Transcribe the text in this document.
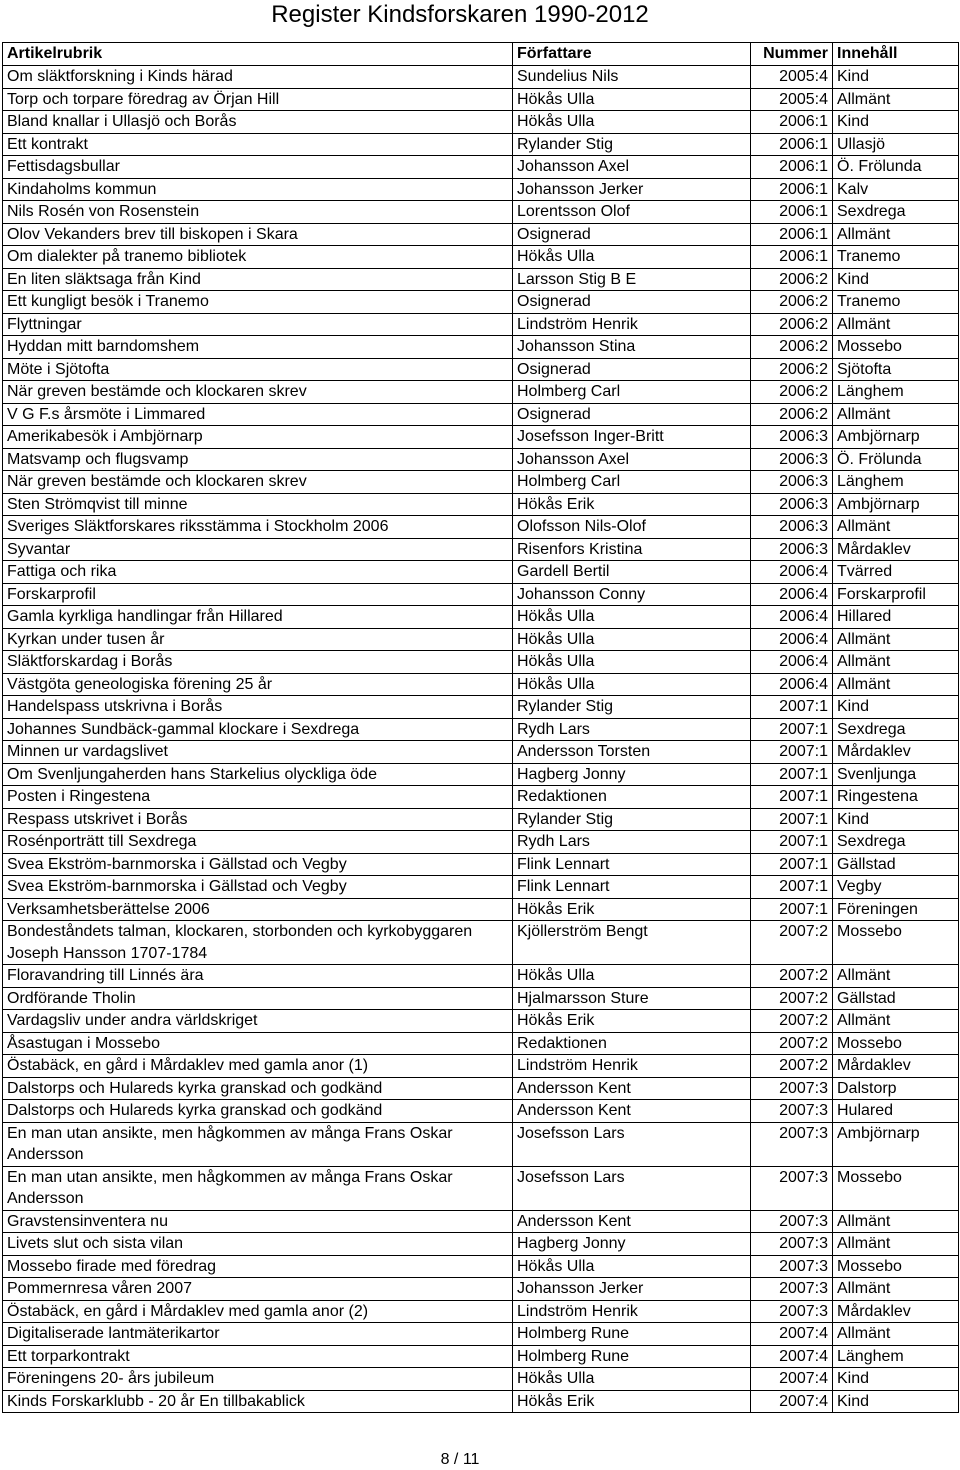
Register Kindsforskaren 1990-2012
Artikelrubrik	Författare	Nummer	Innehåll
Om släktforskning i Kinds härad	Sundelius Nils	2005:4	Kind
Torp och torpare föredrag av Örjan Hill	Hökås Ulla	2005:4	Allmänt
Bland knallar i Ullasjö och Borås	Hökås Ulla	2006:1	Kind
Ett kontrakt	Rylander Stig	2006:1	Ullasjö
Fettisdagsbullar	Johansson Axel	2006:1	Ö. Frölunda
Kindaholms kommun	Johansson Jerker	2006:1	Kalv
Nils Rosén von Rosenstein	Lorentsson Olof	2006:1	Sexdrega
Olov Vekanders brev till biskopen i Skara	Osignerad	2006:1	Allmänt
Om dialekter på tranemo bibliotek	Hökås Ulla	2006:1	Tranemo
En liten släktsaga från Kind	Larsson Stig B E	2006:2	Kind
Ett kungligt besök i Tranemo	Osignerad	2006:2	Tranemo
Flyttningar	Lindström Henrik	2006:2	Allmänt
Hyddan mitt barndomshem	Johansson Stina	2006:2	Mossebo
Möte i Sjötofta	Osignerad	2006:2	Sjötofta
När greven bestämde och klockaren skrev	Holmberg Carl	2006:2	Länghem
V G F.s årsmöte i Limmared	Osignerad	2006:2	Allmänt
Amerikabesök i Ambjörnarp	Josefsson Inger-Britt	2006:3	Ambjörnarp
Matsvamp och flugsvamp	Johansson Axel	2006:3	Ö. Frölunda
När greven bestämde och klockaren skrev	Holmberg Carl	2006:3	Länghem
Sten Strömqvist till minne	Hökås Erik	2006:3	Ambjörnarp
Sveriges Släktforskares riksstämma i Stockholm 2006	Olofsson Nils-Olof	2006:3	Allmänt
Syvantar	Risenfors Kristina	2006:3	Mårdaklev
Fattiga och rika	Gardell Bertil	2006:4	Tvärred
Forskarprofil	Johansson Conny	2006:4	Forskarprofil
Gamla kyrkliga handlingar från Hillared	Hökås Ulla	2006:4	Hillared
Kyrkan under tusen år	Hökås Ulla	2006:4	Allmänt
Släktforskardag i Borås	Hökås Ulla	2006:4	Allmänt
Västgöta geneologiska förening 25 år	Hökås Ulla	2006:4	Allmänt
Handelspass utskrivna i Borås	Rylander Stig	2007:1	Kind
Johannes Sundbäck-gammal klockare i Sexdrega	Rydh Lars	2007:1	Sexdrega
Minnen ur vardagslivet	Andersson Torsten	2007:1	Mårdaklev
Om Svenljungaherden hans Starkelius olyckliga öde	Hagberg Jonny	2007:1	Svenljunga
Posten i Ringestena	Redaktionen	2007:1	Ringestena
Respass utskrivet i Borås	Rylander Stig	2007:1	Kind
Rosénporträtt till Sexdrega	Rydh Lars	2007:1	Sexdrega
Svea Ekström-barnmorska i Gällstad och Vegby	Flink Lennart	2007:1	Gällstad
Svea Ekström-barnmorska i Gällstad och Vegby	Flink Lennart	2007:1	Vegby
Verksamhetsberättelse 2006	Hökås Erik	2007:1	Föreningen
Bondeståndets talman, klockaren, storbonden och kyrkobyggaren Joseph Hansson 1707-1784	Kjöllerström Bengt	2007:2	Mossebo
Floravandring till Linnés ära	Hökås Ulla	2007:2	Allmänt
Ordförande Tholin	Hjalmarsson Sture	2007:2	Gällstad
Vardagsliv under andra världskriget	Hökås Erik	2007:2	Allmänt
Åsastugan i Mossebo	Redaktionen	2007:2	Mossebo
Östabäck, en gård i Mårdaklev med gamla anor (1)	Lindström Henrik	2007:2	Mårdaklev
Dalstorps och Hulareds kyrka granskad och godkänd	Andersson Kent	2007:3	Dalstorp
Dalstorps och Hulareds kyrka granskad och godkänd	Andersson Kent	2007:3	Hulared
En man utan ansikte, men hågkommen av många Frans Oskar Andersson	Josefsson Lars	2007:3	Ambjörnarp
En man utan ansikte, men hågkommen av många Frans Oskar Andersson	Josefsson Lars	2007:3	Mossebo
Gravstensinventera nu	Andersson Kent	2007:3	Allmänt
Livets slut och sista vilan	Hagberg Jonny	2007:3	Allmänt
Mossebo firade med föredrag	Hökås Ulla	2007:3	Mossebo
Pommernresa våren 2007	Johansson Jerker	2007:3	Allmänt
Östabäck, en gård i Mårdaklev med gamla anor (2)	Lindström Henrik	2007:3	Mårdaklev
Digitaliserade lantmäterikartor	Holmberg Rune	2007:4	Allmänt
Ett torparkontrakt	Holmberg Rune	2007:4	Länghem
Föreningens 20- års jubileum	Hökås Ulla	2007:4	Kind
Kinds Forskarklubb - 20 år En tillbakablick	Hökås Erik	2007:4	Kind
8 / 11
